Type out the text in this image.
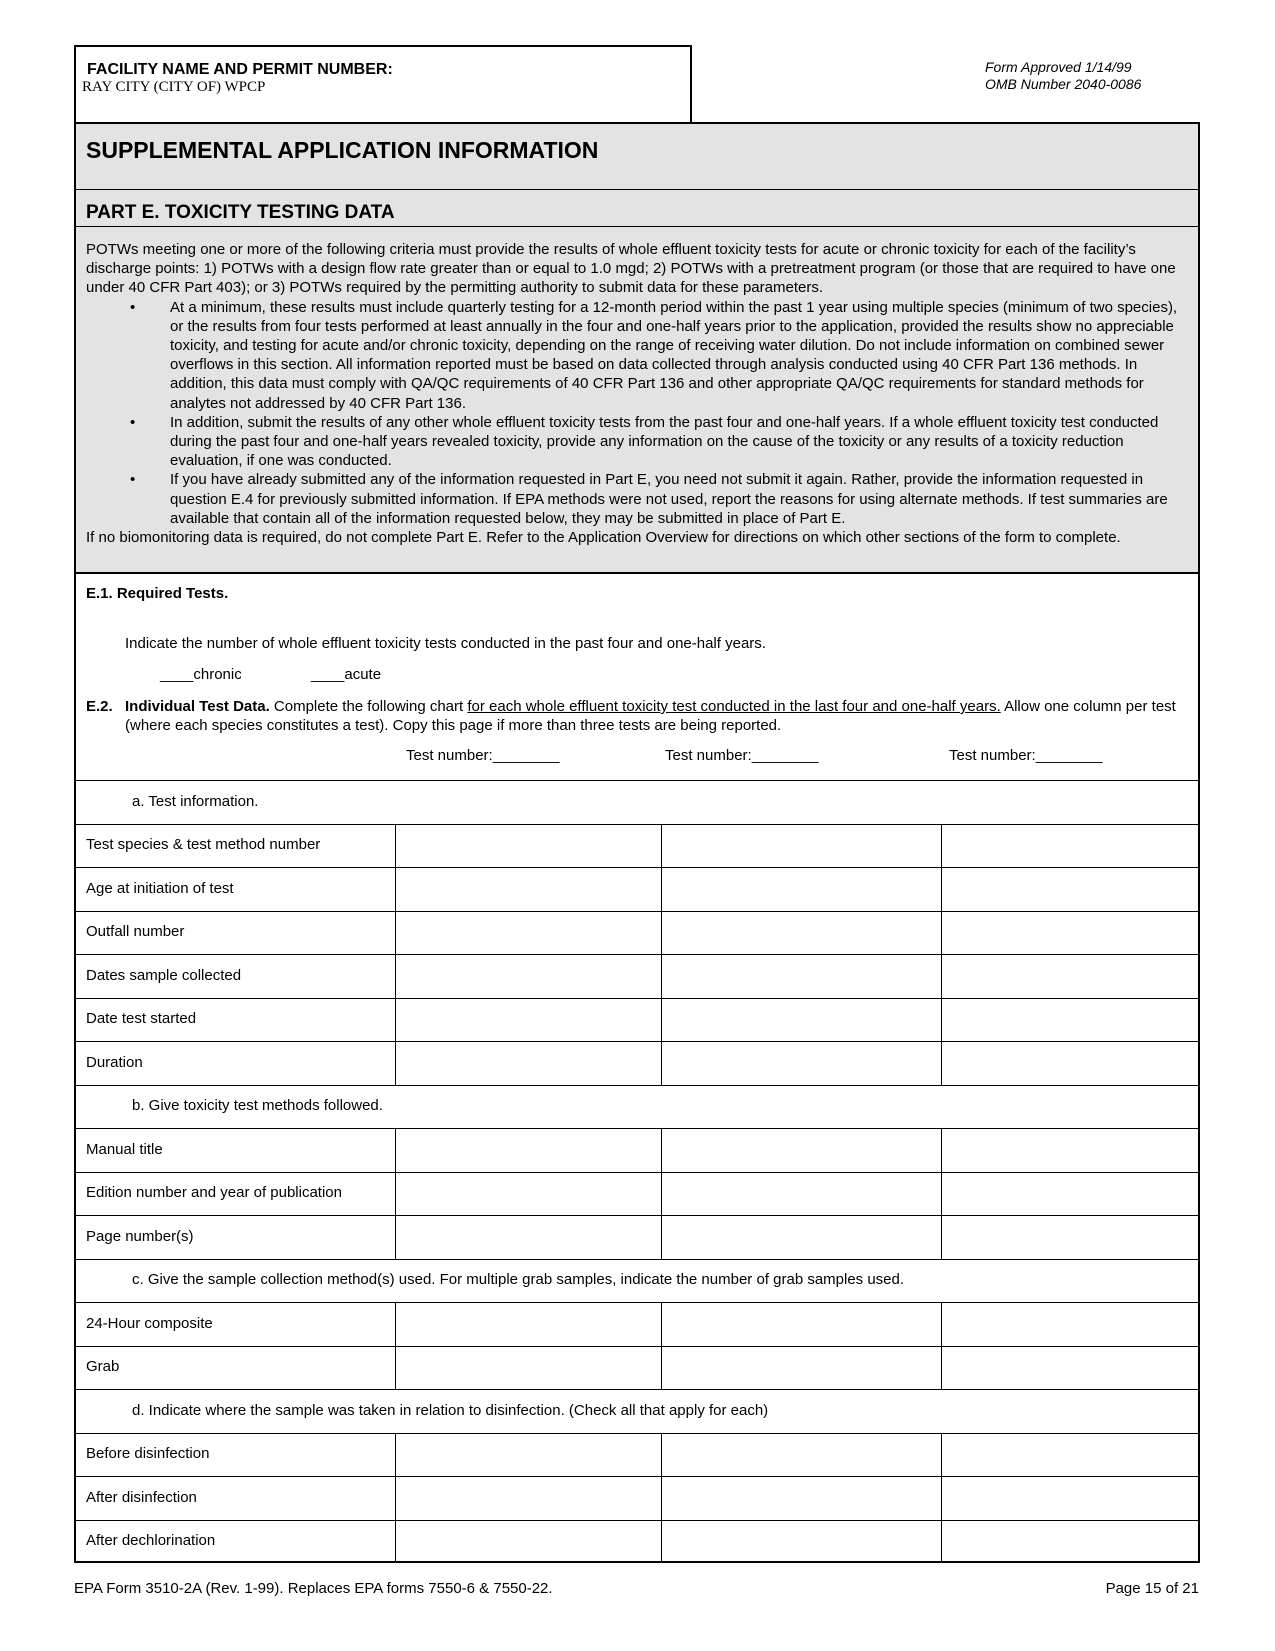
FACILITY NAME AND PERMIT NUMBER:
RAY CITY (CITY OF) WPCP
Form Approved 1/14/99
OMB Number 2040-0086
SUPPLEMENTAL APPLICATION INFORMATION
PART E. TOXICITY TESTING DATA

POTWs meeting one or more of the following criteria must provide the results of whole effluent toxicity tests for acute or chronic toxicity for each of the facility’s discharge points: 1) POTWs with a design flow rate greater than or equal to 1.0 mgd; 2) POTWs with a pretreatment program (or those that are required to have one under 40 CFR Part 403); or 3) POTWs required by the permitting authority to submit data for these parameters.

• At a minimum, these results must include quarterly testing for a 12-month period within the past 1 year using multiple species (minimum of two species), or the results from four tests performed at least annually in the four and one-half years prior to the application, provided the results show no appreciable toxicity, and testing for acute and/or chronic toxicity, depending on the range of receiving water dilution. Do not include information on combined sewer overflows in this section. All information reported must be based on data collected through analysis conducted using 40 CFR Part 136 methods. In addition, this data must comply with QA/QC requirements of 40 CFR Part 136 and other appropriate QA/QC requirements for standard methods for analytes not addressed by 40 CFR Part 136.
• In addition, submit the results of any other whole effluent toxicity tests from the past four and one-half years. If a whole effluent toxicity test conducted during the past four and one-half years revealed toxicity, provide any information on the cause of the toxicity or any results of a toxicity reduction evaluation, if one was conducted.
• If you have already submitted any of the information requested in Part E, you need not submit it again. Rather, provide the information requested in question E.4 for previously submitted information. If EPA methods were not used, report the reasons for using alternate methods. If test summaries are available that contain all of the information requested below, they may be submitted in place of Part E.

If no biomonitoring data is required, do not complete Part E. Refer to the Application Overview for directions on which other sections of the form to complete.

E.1. Required Tests.
Indicate the number of whole effluent toxicity tests conducted in the past four and one-half years.
____chronic	____acute
E.2. Individual Test Data. Complete the following chart for each whole effluent toxicity test conducted in the last four and one-half years. Allow one column per test (where each species constitutes a test). Copy this page if more than three tests are being reported.
Test number:________	Test number:________	Test number:________
a. Test information.
Test species & test method number
Age at initiation of test
Outfall number
Dates sample collected
Date test started
Duration
b. Give toxicity test methods followed.
Manual title
Edition number and year of publication
Page number(s)
c. Give the sample collection method(s) used. For multiple grab samples, indicate the number of grab samples used.
24-Hour composite
Grab
d. Indicate where the sample was taken in relation to disinfection. (Check all that apply for each)
Before disinfection
After disinfection
After dechlorination
EPA Form 3510-2A (Rev. 1-99). Replaces EPA forms 7550-6 & 7550-22.	Page 15 of 21
